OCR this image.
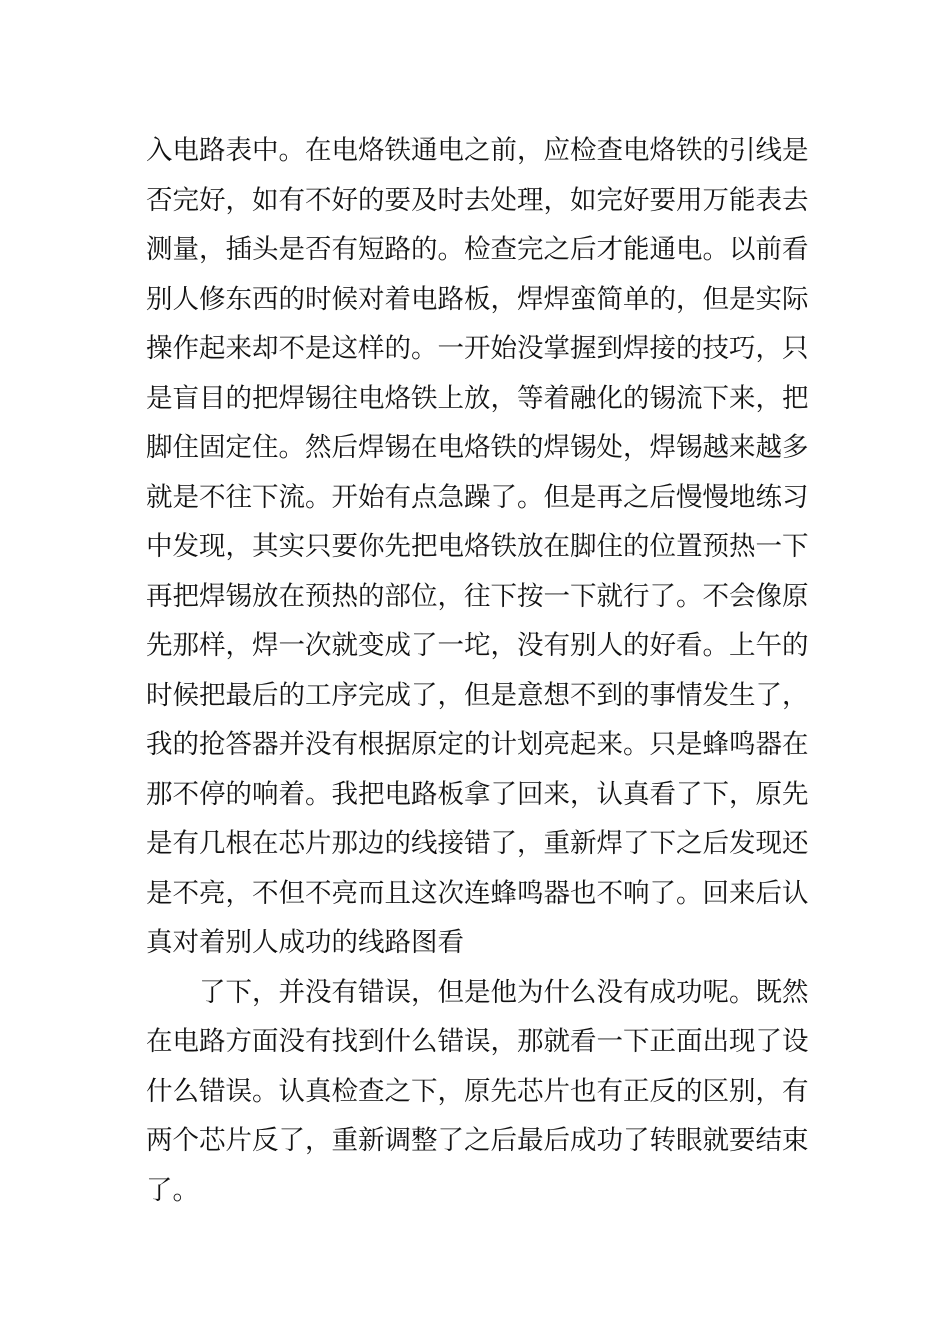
入电路表中。在电烙铁通电之前，应检查电烙铁的引线是
否完好，如有不好的要及时去处理，如完好要用万能表去
测量，插头是否有短路的。检查完之后才能通电。以前看
别人修东西的时候对着电路板，焊焊蛮简单的，但是实际
操作起来却不是这样的。一开始没掌握到焊接的技巧，只
是盲目的把焊锡往电烙铁上放，等着融化的锡流下来，把
脚住固定住。然后焊锡在电烙铁的焊锡处，焊锡越来越多
就是不往下流。开始有点急躁了。但是再之后慢慢地练习
中发现，其实只要你先把电烙铁放在脚住的位置预热一下
再把焊锡放在预热的部位，往下按一下就行了。不会像原
先那样，焊一次就变成了一坨，没有别人的好看。上午的
时候把最后的工序完成了，但是意想不到的事情发生了，
我的抢答器并没有根据原定的计划亮起来。只是蜂鸣器在
那不停的响着。我把电路板拿了回来，认真看了下，原先
是有几根在芯片那边的线接错了，重新焊了下之后发现还
是不亮，不但不亮而且这次连蜂鸣器也不响了。回来后认
真对着别人成功的线路图看
了下，并没有错误，但是他为什么没有成功呢。既然
在电路方面没有找到什么错误，那就看一下正面出现了设
什么错误。认真检查之下，原先芯片也有正反的区别，有
两个芯片反了，重新调整了之后最后成功了转眼就要结束
了。
